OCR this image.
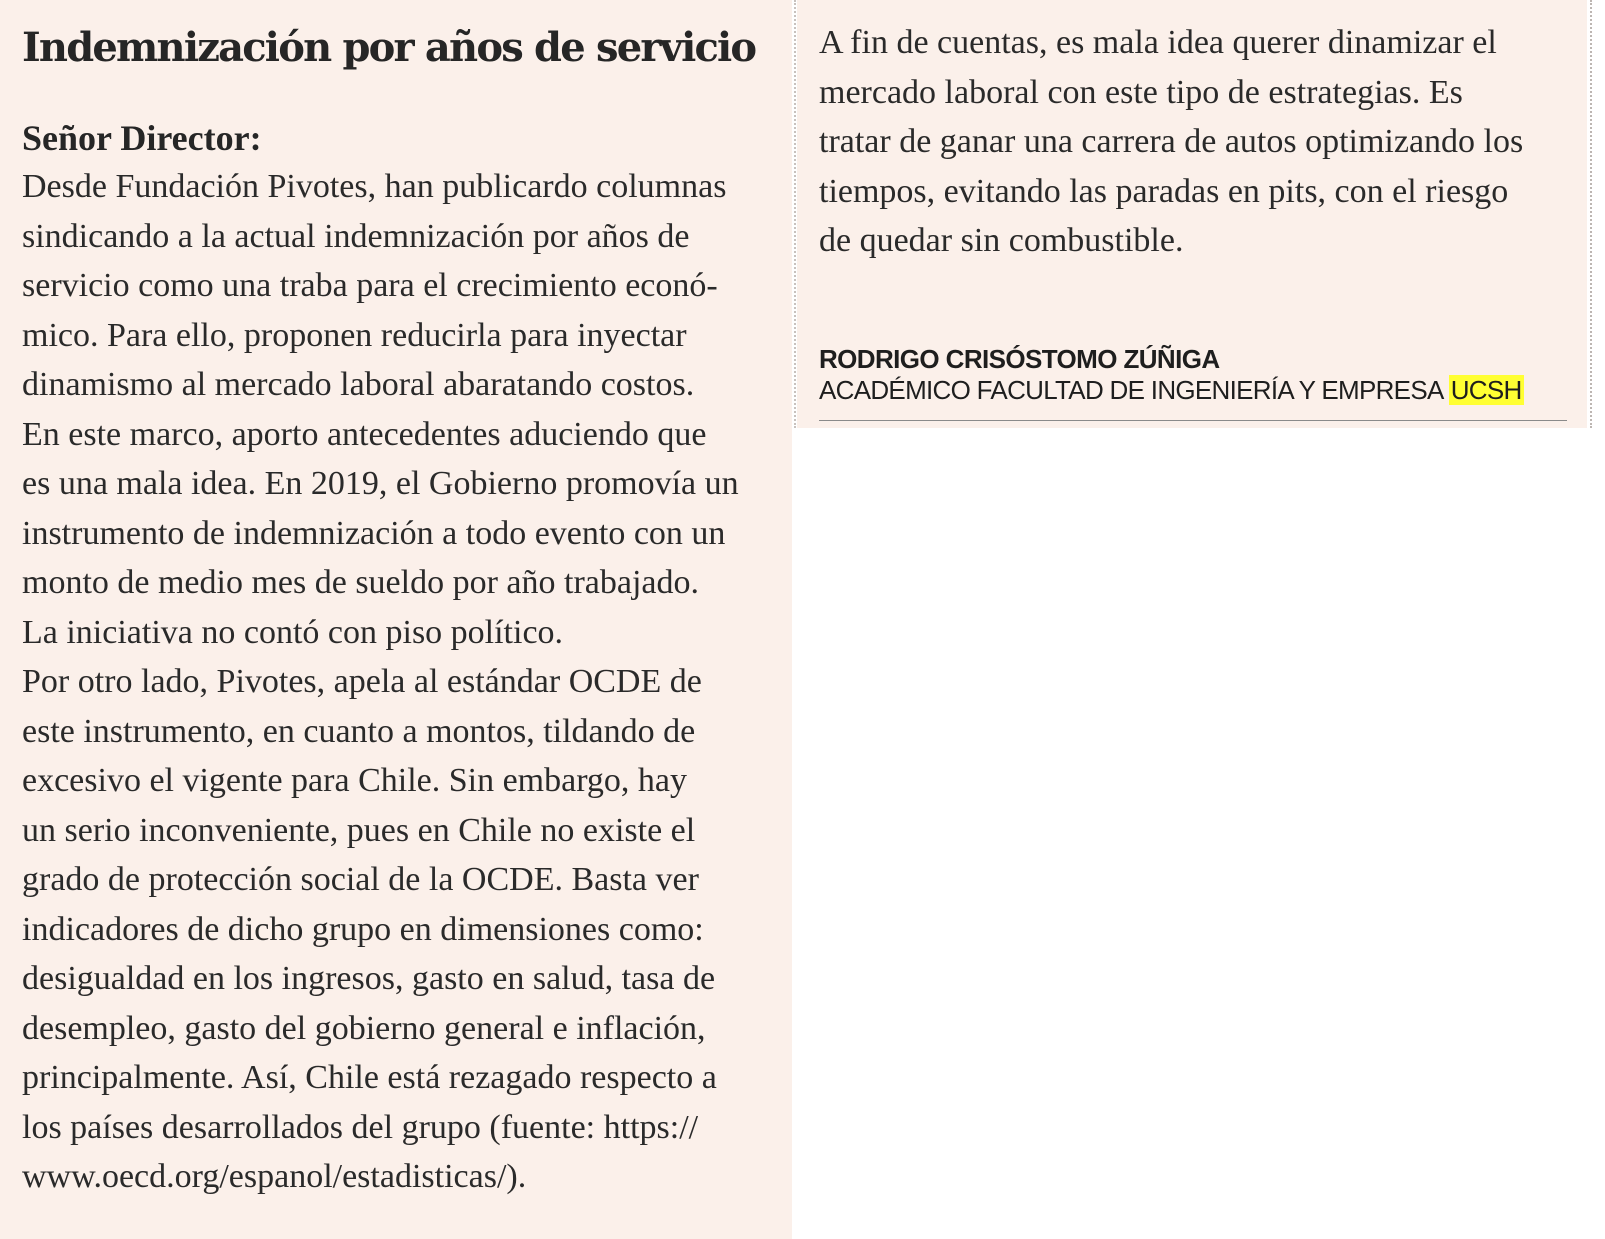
Indemnización por años de servicio
Señor Director:
Desde Fundación Pivotes, han publicardo columnas
sindicando a la actual indemnización por años de
servicio como una traba para el crecimiento econó-
mico. Para ello, proponen reducirla para inyectar
dinamismo al mercado laboral abaratando costos.
En este marco, aporto antecedentes aduciendo que
es una mala idea. En 2019, el Gobierno promovía un
instrumento de indemnización a todo evento con un
monto de medio mes de sueldo por año trabajado.
La iniciativa no contó con piso político.
Por otro lado, Pivotes, apela al estándar OCDE de
este instrumento, en cuanto a montos, tildando de
excesivo el vigente para Chile. Sin embargo, hay
un serio inconveniente, pues en Chile no existe el
grado de protección social de la OCDE. Basta ver
indicadores de dicho grupo en dimensiones como:
desigualdad en los ingresos, gasto en salud, tasa de
desempleo, gasto del gobierno general e inflación,
principalmente. Así, Chile está rezagado respecto a
los países desarrollados del grupo (fuente: https://
www.oecd.org/espanol/estadisticas/).
A fin de cuentas, es mala idea querer dinamizar el
mercado laboral con este tipo de estrategias. Es
tratar de ganar una carrera de autos optimizando los
tiempos, evitando las paradas en pits, con el riesgo
de quedar sin combustible.
RODRIGO CRISÓSTOMO ZÚÑIGA
ACADÉMICO FACULTAD DE INGENIERÍA Y EMPRESA UCSH
